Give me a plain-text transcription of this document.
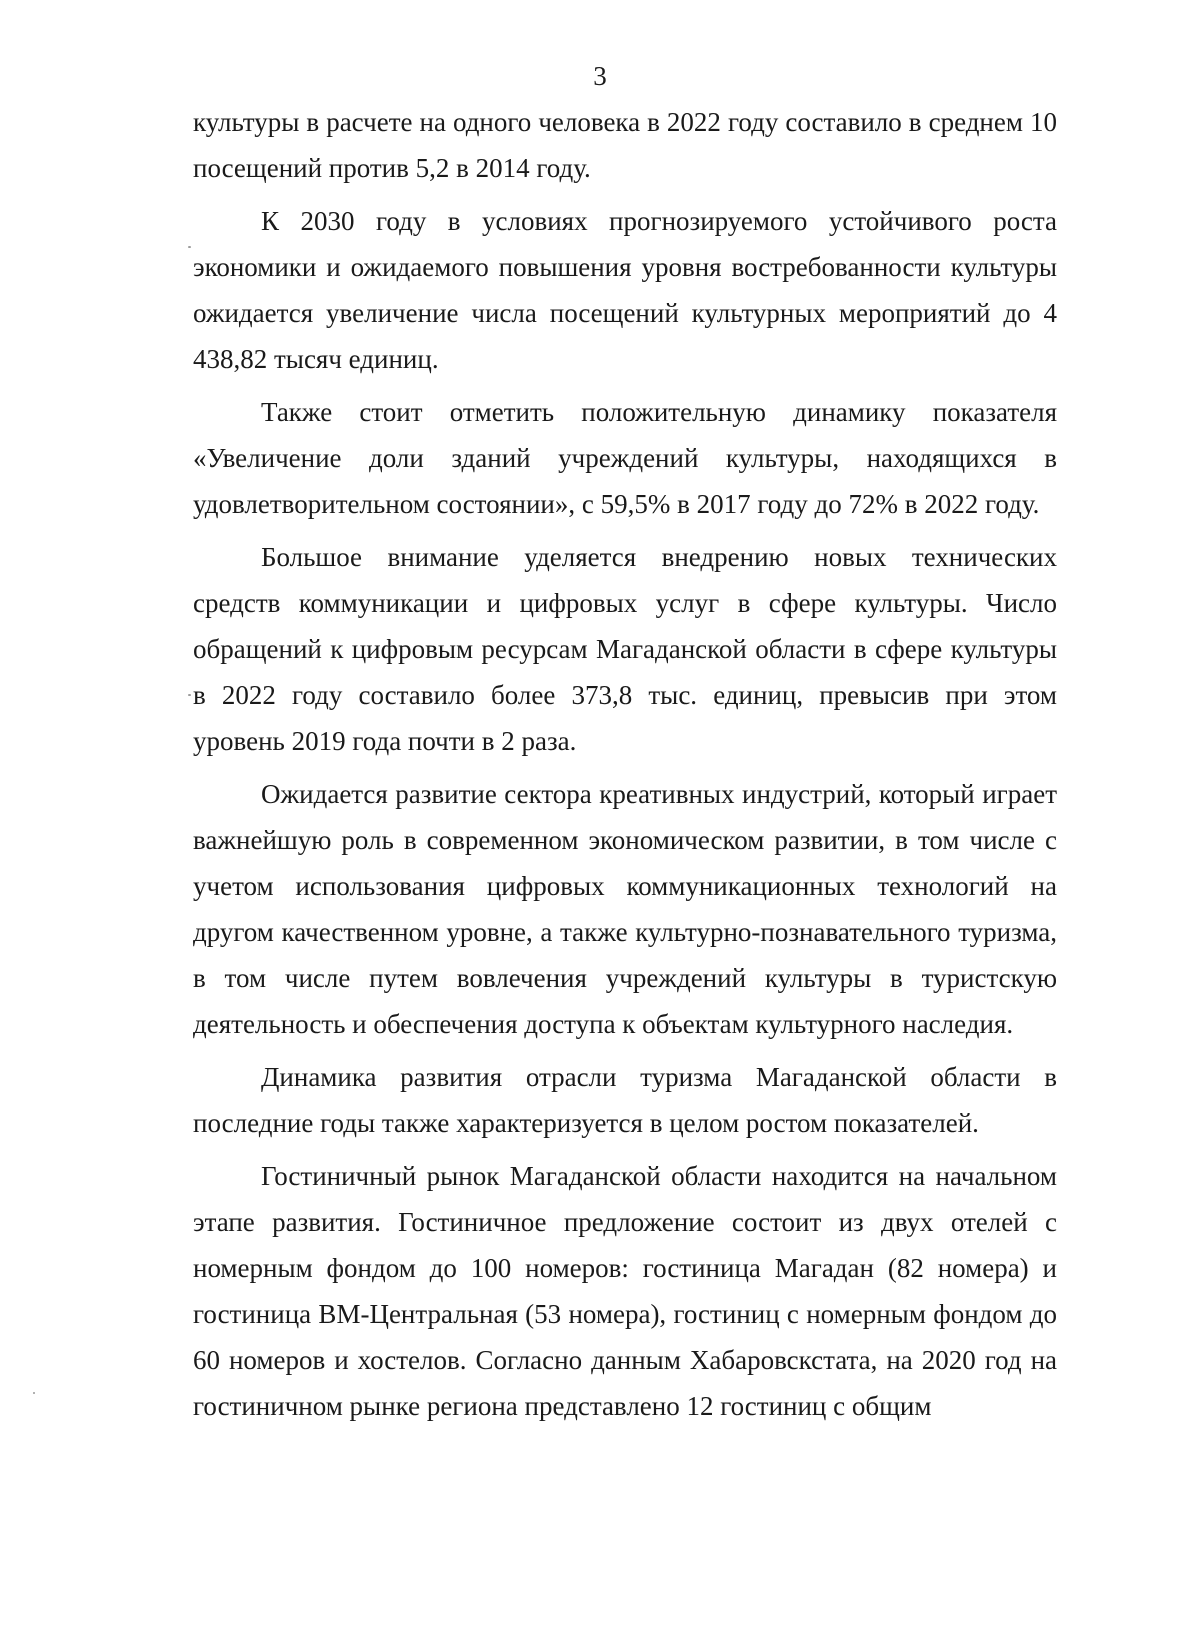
3

культуры в расчете на одного человека в 2022 году составило в среднем 10 посещений против 5,2 в 2014 году.

К 2030 году в условиях прогнозируемого устойчивого роста экономики и ожидаемого повышения уровня востребованности культуры ожидается увеличение числа посещений культурных мероприятий до 4 438,82 тысяч единиц.

Также стоит отметить положительную динамику показателя «Увеличение доли зданий учреждений культуры, находящихся в удовлетворительном состоянии», с 59,5% в 2017 году до 72% в 2022 году.

Большое внимание уделяется внедрению новых технических средств коммуникации и цифровых услуг в сфере культуры. Число обращений к цифровым ресурсам Магаданской области в сфере культуры в 2022 году составило более 373,8 тыс. единиц, превысив при этом уровень 2019 года почти в 2 раза.

Ожидается развитие сектора креативных индустрий, который играет важнейшую роль в современном экономическом развитии, в том числе с учетом использования цифровых коммуникационных технологий на другом качественном уровне, а также культурно-познавательного туризма, в том числе путем вовлечения учреждений культуры в туристскую деятельность и обеспечения доступа к объектам культурного наследия.

Динамика развития отрасли туризма Магаданской области в последние годы также характеризуется в целом ростом показателей.

Гостиничный рынок Магаданской области находится на начальном этапе развития. Гостиничное предложение состоит из двух отелей с номерным фондом до 100 номеров: гостиница Магадан (82 номера) и гостиница ВМ-Центральная (53 номера), гостиниц с номерным фондом до 60 номеров и хостелов. Согласно данным Хабаровскстата, на 2020 год на гостиничном рынке региона представлено 12 гостиниц с общим
